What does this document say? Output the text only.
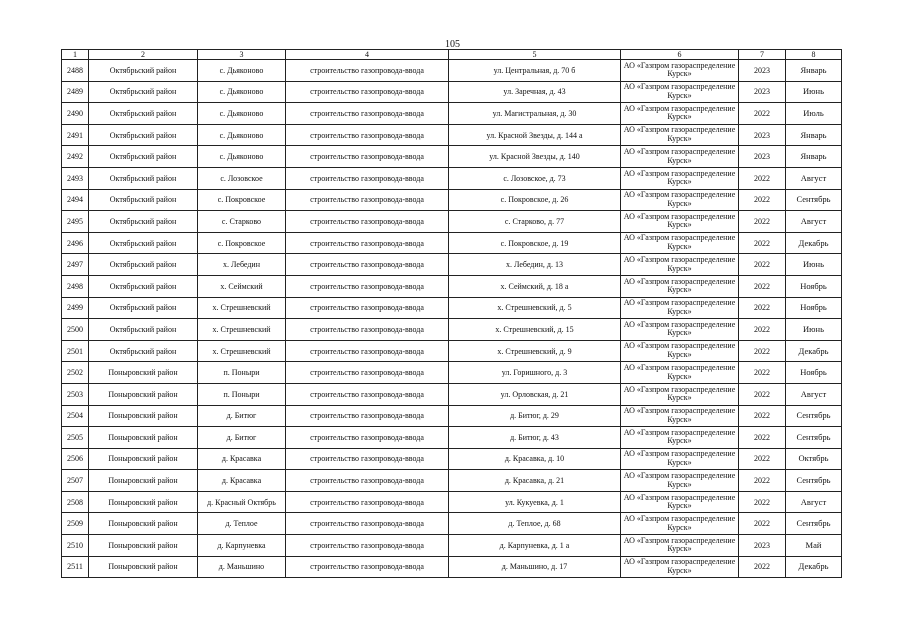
105
1	2	3	4	5	6	7	8
2488	Октябрьский район	с. Дьяконово	строительство газопровода-ввода	ул. Центральная, д. 70 б	АО «Газпром газораспределение Курск»	2023	Январь
2489	Октябрьский район	с. Дьяконово	строительство газопровода-ввода	ул. Заречная, д. 43	АО «Газпром газораспределение Курск»	2023	Июнь
2490	Октябрьский район	с. Дьяконово	строительство газопровода-ввода	ул. Магистральная, д. 30	АО «Газпром газораспределение Курск»	2022	Июль
2491	Октябрьский район	с. Дьяконово	строительство газопровода-ввода	ул. Красной Звезды, д. 144 а	АО «Газпром газораспределение Курск»	2023	Январь
2492	Октябрьский район	с. Дьяконово	строительство газопровода-ввода	ул. Красной Звезды, д. 140	АО «Газпром газораспределение Курск»	2023	Январь
2493	Октябрьский район	с. Лозовское	строительство газопровода-ввода	с. Лозовское, д. 73	АО «Газпром газораспределение Курск»	2022	Август
2494	Октябрьский район	с. Покровское	строительство газопровода-ввода	с. Покровское, д. 26	АО «Газпром газораспределение Курск»	2022	Сентябрь
2495	Октябрьский район	с. Старково	строительство газопровода-ввода	с. Старково, д. 77	АО «Газпром газораспределение Курск»	2022	Август
2496	Октябрьский район	с. Покровское	строительство газопровода-ввода	с. Покровское, д. 19	АО «Газпром газораспределение Курск»	2022	Декабрь
2497	Октябрьский район	х. Лебедин	строительство газопровода-ввода	х. Лебедин, д. 13	АО «Газпром газораспределение Курск»	2022	Июнь
2498	Октябрьский район	х. Сеймский	строительство газопровода-ввода	х. Сеймский, д. 18 а	АО «Газпром газораспределение Курск»	2022	Ноябрь
2499	Октябрьский район	х. Стрешневский	строительство газопровода-ввода	х. Стрешневский, д. 5	АО «Газпром газораспределение Курск»	2022	Ноябрь
2500	Октябрьский район	х. Стрешневский	строительство газопровода-ввода	х. Стрешневский, д. 15	АО «Газпром газораспределение Курск»	2022	Июнь
2501	Октябрьский район	х. Стрешневский	строительство газопровода-ввода	х. Стрешневский, д. 9	АО «Газпром газораспределение Курск»	2022	Декабрь
2502	Поныровский район	п. Поныри	строительство газопровода-ввода	ул. Горишного, д. 3	АО «Газпром газораспределение Курск»	2022	Ноябрь
2503	Поныровский район	п. Поныри	строительство газопровода-ввода	ул. Орловская, д. 21	АО «Газпром газораспределение Курск»	2022	Август
2504	Поныровский район	д. Битюг	строительство газопровода-ввода	д. Битюг, д. 29	АО «Газпром газораспределение Курск»	2022	Сентябрь
2505	Поныровский район	д. Битюг	строительство газопровода-ввода	д. Битюг, д. 43	АО «Газпром газораспределение Курск»	2022	Сентябрь
2506	Поныровский район	д. Красавка	строительство газопровода-ввода	д. Красавка, д. 10	АО «Газпром газораспределение Курск»	2022	Октябрь
2507	Поныровский район	д. Красавка	строительство газопровода-ввода	д. Красавка, д. 21	АО «Газпром газораспределение Курск»	2022	Сентябрь
2508	Поныровский район	д. Красный Октябрь	строительство газопровода-ввода	ул. Кукуевка, д. 1	АО «Газпром газораспределение Курск»	2022	Август
2509	Поныровский район	д. Теплое	строительство газопровода-ввода	д. Теплое, д. 68	АО «Газпром газораспределение Курск»	2022	Сентябрь
2510	Поныровский район	д. Карпуневка	строительство газопровода-ввода	д. Карпуневка, д. 1 а	АО «Газпром газораспределение Курск»	2023	Май
2511	Поныровский район	д. Маньшино	строительство газопровода-ввода	д. Маньшино, д. 17	АО «Газпром газораспределение Курск»	2022	Декабрь
